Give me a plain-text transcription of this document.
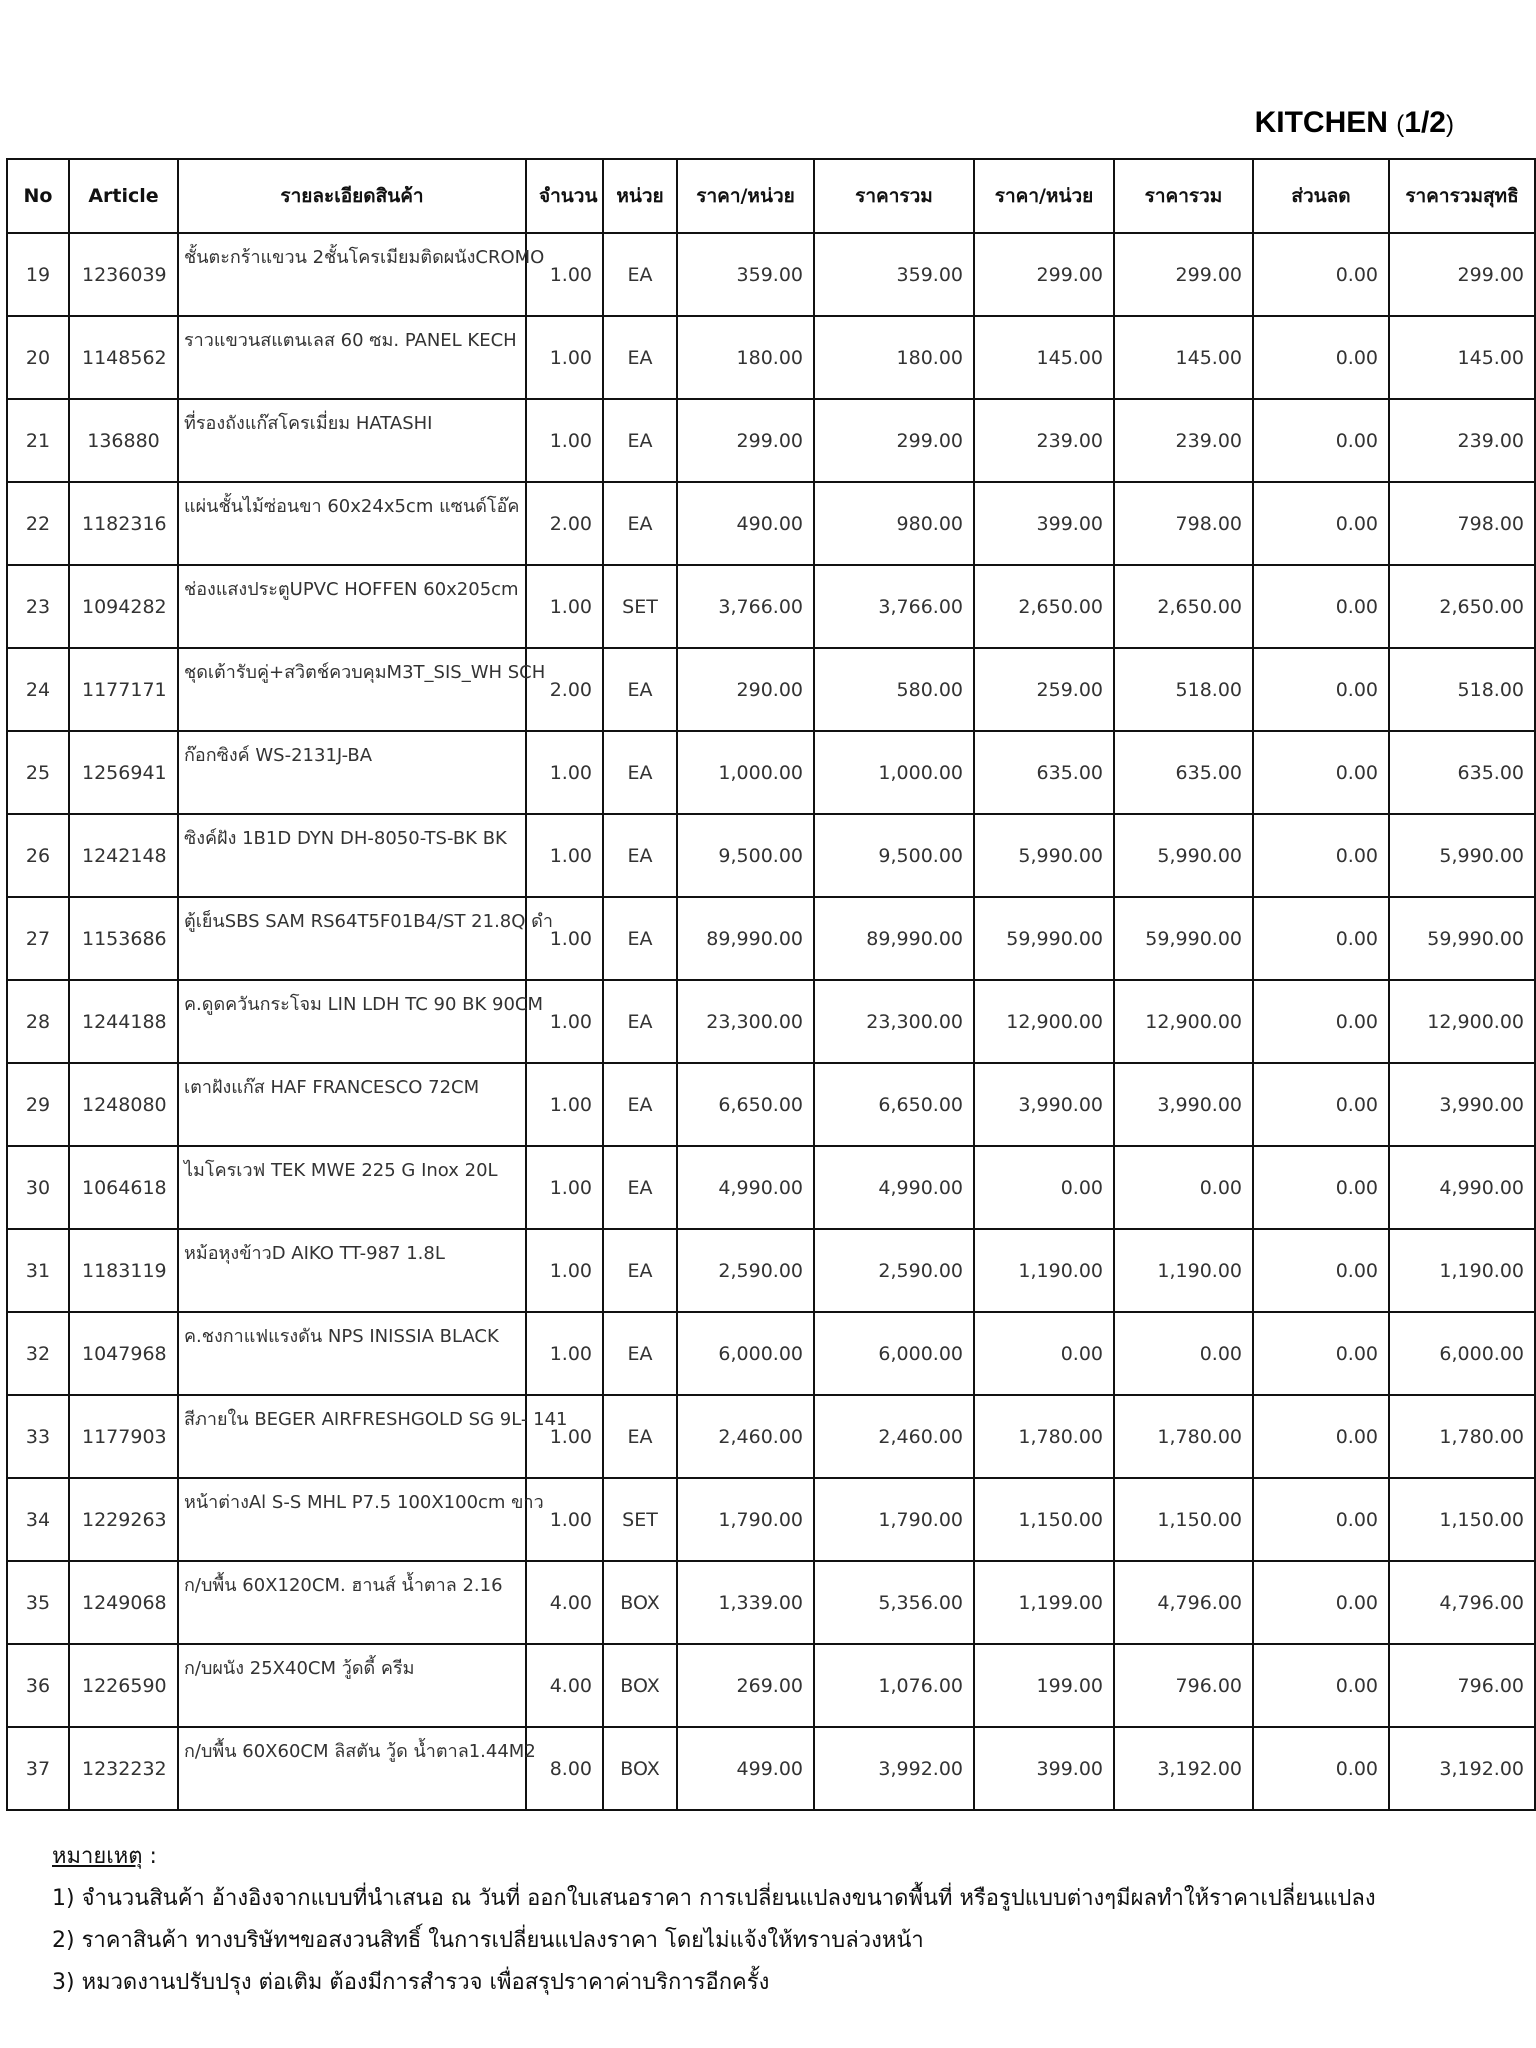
KITCHEN (1/2)
No	Article	รายละเอียดสินค้า	จำนวน	หน่วย	ราคา/หน่วย	ราคารวม	ราคา/หน่วย	ราคารวม	ส่วนลด	ราคารวมสุทธิ
19	1236039	ชั้นตะกร้าแขวน 2ชั้นโครเมียมติดผนังCROMO	1.00	EA	359.00	359.00	299.00	299.00	0.00	299.00
20	1148562	ราวแขวนสแตนเลส 60 ซม. PANEL KECH	1.00	EA	180.00	180.00	145.00	145.00	0.00	145.00
21	136880	ที่รองถังแก๊สโครเมี่ยม HATASHI	1.00	EA	299.00	299.00	239.00	239.00	0.00	239.00
22	1182316	แผ่นชั้นไม้ซ่อนขา 60x24x5cm แซนด์โอ๊ค	2.00	EA	490.00	980.00	399.00	798.00	0.00	798.00
23	1094282	ช่องแสงประตูUPVC HOFFEN 60x205cm	1.00	SET	3,766.00	3,766.00	2,650.00	2,650.00	0.00	2,650.00
24	1177171	ชุดเต้ารับคู่+สวิตช์ควบคุมM3T_SIS_WH SCH	2.00	EA	290.00	580.00	259.00	518.00	0.00	518.00
25	1256941	ก๊อกซิงค์ WS-2131J-BA	1.00	EA	1,000.00	1,000.00	635.00	635.00	0.00	635.00
26	1242148	ซิงค์ฝัง 1B1D DYN DH-8050-TS-BK BK	1.00	EA	9,500.00	9,500.00	5,990.00	5,990.00	0.00	5,990.00
27	1153686	ตู้เย็นSBS SAM RS64T5F01B4/ST 21.8Q ดำ	1.00	EA	89,990.00	89,990.00	59,990.00	59,990.00	0.00	59,990.00
28	1244188	ค.ดูดควันกระโจม LIN LDH TC 90 BK 90CM	1.00	EA	23,300.00	23,300.00	12,900.00	12,900.00	0.00	12,900.00
29	1248080	เตาฝังแก๊ส HAF FRANCESCO 72CM	1.00	EA	6,650.00	6,650.00	3,990.00	3,990.00	0.00	3,990.00
30	1064618	ไมโครเวฟ TEK MWE 225 G Inox 20L	1.00	EA	4,990.00	4,990.00	0.00	0.00	0.00	4,990.00
31	1183119	หม้อหุงข้าวD AIKO TT-987 1.8L	1.00	EA	2,590.00	2,590.00	1,190.00	1,190.00	0.00	1,190.00
32	1047968	ค.ชงกาแฟแรงดัน NPS INISSIA BLACK	1.00	EA	6,000.00	6,000.00	0.00	0.00	0.00	6,000.00
33	1177903	สีภายใน BEGER AIRFRESHGOLD SG 9L- 141	1.00	EA	2,460.00	2,460.00	1,780.00	1,780.00	0.00	1,780.00
34	1229263	หน้าต่างAl S-S MHL P7.5 100X100cm ขาว	1.00	SET	1,790.00	1,790.00	1,150.00	1,150.00	0.00	1,150.00
35	1249068	ก/บพื้น 60X120CM. ฮานส์ น้ำตาล 2.16	4.00	BOX	1,339.00	5,356.00	1,199.00	4,796.00	0.00	4,796.00
36	1226590	ก/บผนัง 25X40CM วู้ดดี้ ครีม	4.00	BOX	269.00	1,076.00	199.00	796.00	0.00	796.00
37	1232232	ก/บพื้น 60X60CM ลิสตัน วู้ด น้ำตาล1.44M2	8.00	BOX	499.00	3,992.00	399.00	3,192.00	0.00	3,192.00
หมายเหตุ :
1) จำนวนสินค้า อ้างอิงจากแบบที่นำเสนอ ณ วันที่ ออกใบเสนอราคา การเปลี่ยนแปลงขนาดพื้นที่ หรือรูปแบบต่างๆมีผลทำให้ราคาเปลี่ยนแปลง
2) ราคาสินค้า ทางบริษัทฯขอสงวนสิทธิ์ ในการเปลี่ยนแปลงราคา โดยไม่แจ้งให้ทราบล่วงหน้า
3) หมวดงานปรับปรุง ต่อเติม ต้องมีการสำรวจ เพื่อสรุปราคาค่าบริการอีกครั้ง
